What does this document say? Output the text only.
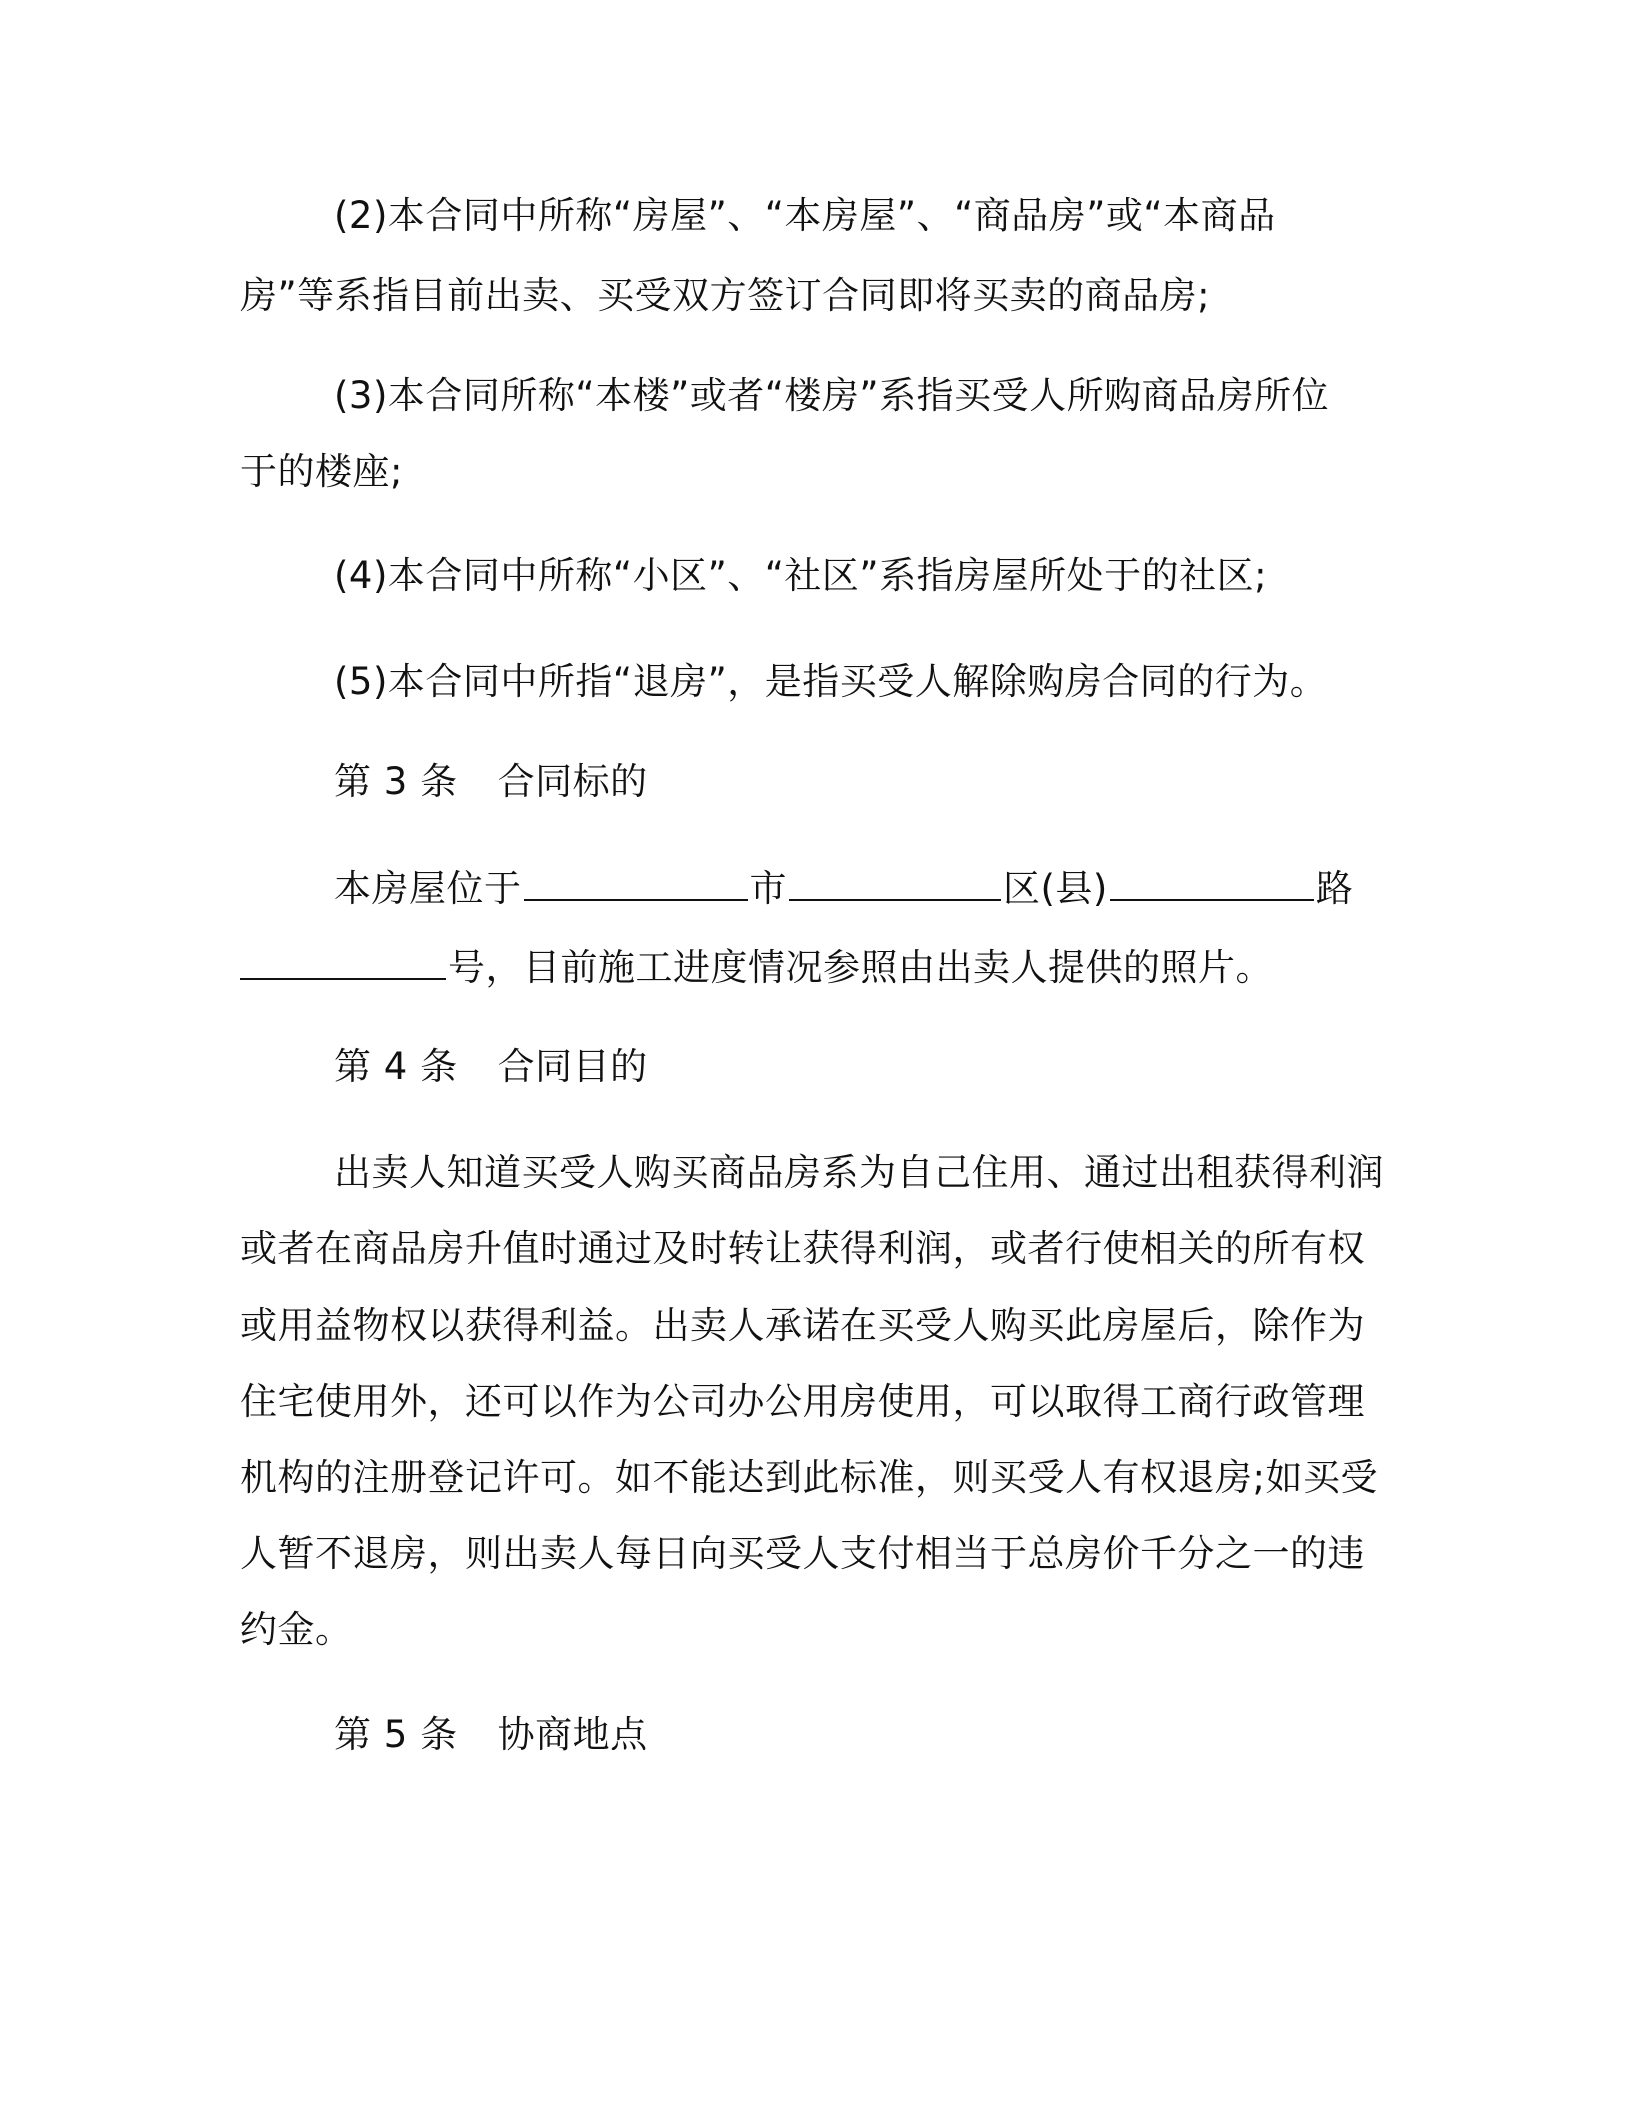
(2)本合同中所称“房屋”、“本房屋”、“商品房”或“本商品
房”等系指目前出卖、买受双方签订合同即将买卖的商品房;
(3)本合同所称“本楼”或者“楼房”系指买受人所购商品房所位
于的楼座;
(4)本合同中所称“小区”、“社区”系指房屋所处于的社区;
(5)本合同中所指“退房”，是指买受人解除购房合同的行为。
第 3 条 合同标的
本房屋位于	市	区(县)	路
号，目前施工进度情况参照由出卖人提供的照片。
第 4 条 合同目的
出卖人知道买受人购买商品房系为自己住用、通过出租获得利润
或者在商品房升值时通过及时转让获得利润，或者行使相关的所有权
或用益物权以获得利益。出卖人承诺在买受人购买此房屋后，除作为
住宅使用外，还可以作为公司办公用房使用，可以取得工商行政管理
机构的注册登记许可。如不能达到此标准，则买受人有权退房;如买受
人暂不退房，则出卖人每日向买受人支付相当于总房价千分之一的违
约金。
第 5 条 协商地点
